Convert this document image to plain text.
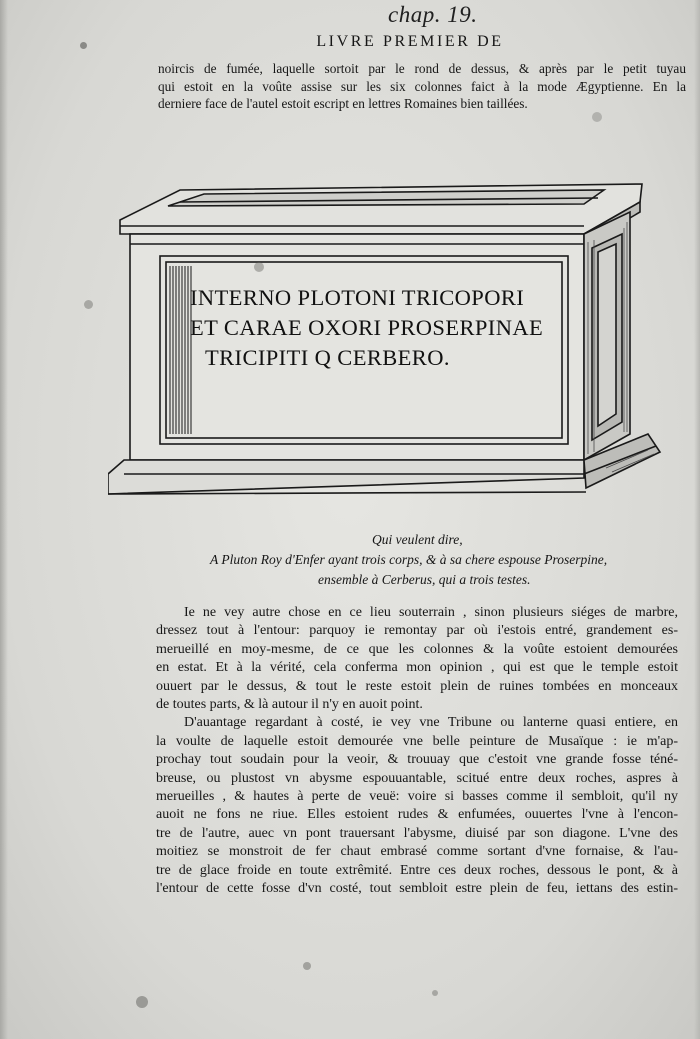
chap. 19.
LIVRE PREMIER DE
noircis de fumée, laquelle sortoit par le rond de dessus, & après par le petit tuyau
qui estoit en la voûte assise sur les six colonnes faict à la mode Ægyptienne. En la
derniere face de l'autel estoit escript en lettres Romaines bien taillées.
INTERNO PLOTONI TRICOPORI
ET CARAE OXORI PROSERPINAE
TRICIPITI Q CERBERO.
Qui veulent dire,
A Pluton Roy d'Enfer ayant trois corps, & à sa chere espouse Proserpine,
ensemble à Cerberus, qui a trois testes.
Ie ne vey autre chose en ce lieu souterrain , sinon plusieurs siéges de marbre,
dressez tout à l'entour: parquoy ie remontay par où i'estois entré, grandement es-
merueillé en moy-mesme, de ce que les colonnes & la voûte estoient demourées
en estat. Et à la vérité, cela conferma mon opinion , qui est que le temple estoit
ouuert par le dessus, & tout le reste estoit plein de ruines tombées en monceaux
de toutes parts, & là autour il n'y en auoit point.
D'auantage regardant à costé, ie vey vne Tribune ou lanterne quasi entiere, en
la voulte de laquelle estoit demourée vne belle peinture de Musaïque : ie m'ap-
prochay tout soudain pour la veoir, & trouuay que c'estoit vne grande fosse téné-
breuse, ou plustost vn abysme espouuantable, scitué entre deux roches, aspres à
merueilles , & hautes à perte de veuë: voire si basses comme il sembloit, qu'il ny
auoit ne fons ne riue. Elles estoient rudes & enfumées, ouuertes l'vne à l'encon-
tre de l'autre, auec vn pont trauersant l'abysme, diuisé par son diagone. L'vne des
moitiez se monstroit de fer chaut embrasé comme sortant d'vne fornaise, & l'au-
tre de glace froide en toute extrêmité. Entre ces deux roches, dessous le pont, & à
l'entour de cette fosse d'vn costé, tout sembloit estre plein de feu, iettans des estin-
